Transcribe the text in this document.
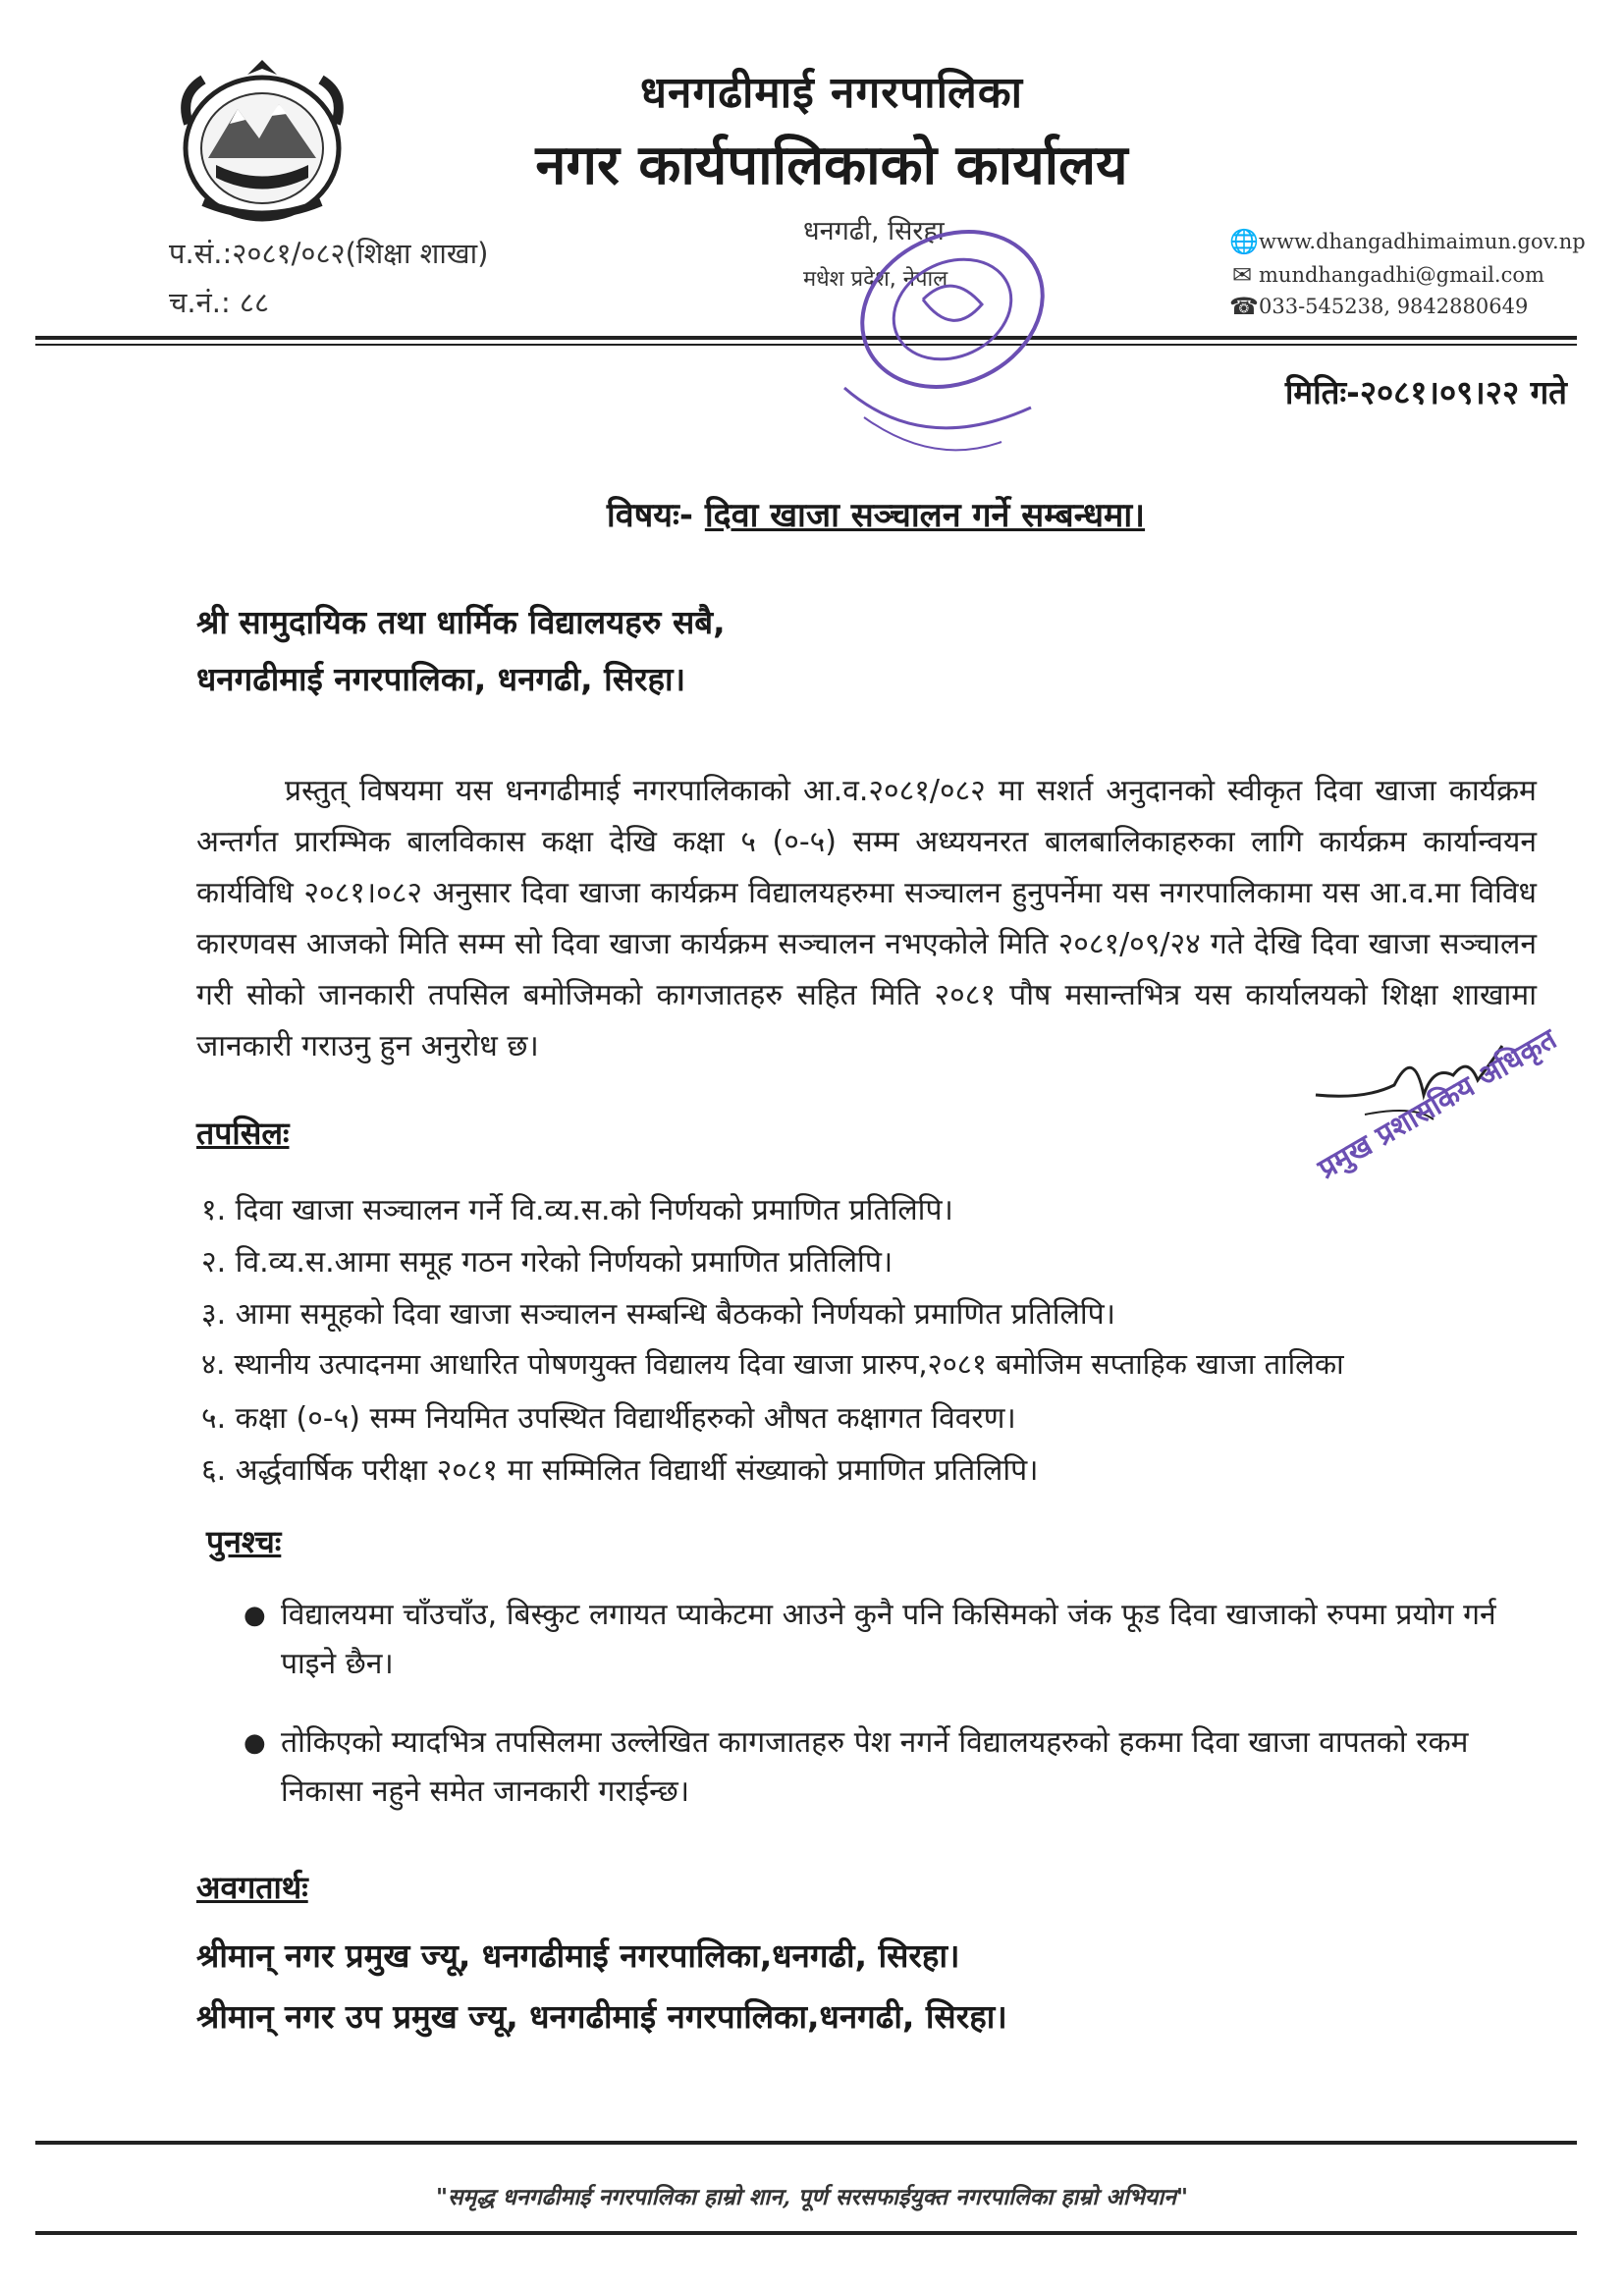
धनगढीमाई नगरपालिका
नगर कार्यपालिकाको कार्यालय
प.सं.:२०८१/०८२(शिक्षा शाखा)
च.नं.: ८८
धनगढी, सिरहा
मधेश प्रदेश, नेपाल
🌐 www.dhangadhimaimun.gov.np
✉ mundhangadhi@gmail.com
☎ 033-545238, 9842880649
मितिः-२०८१।०९।२२ गते
विषयः- दिवा खाजा सञ्चालन गर्ने सम्बन्धमा।
श्री सामुदायिक तथा धार्मिक विद्यालयहरु सबै,
धनगढीमाई नगरपालिका, धनगढी, सिरहा।

प्रस्तुत् विषयमा यस धनगढीमाई नगरपालिकाको आ.व.२०८१/०८२ मा सशर्त अनुदानको स्वीकृत दिवा खाजा कार्यक्रम अन्तर्गत प्रारम्भिक बालविकास कक्षा देखि कक्षा ५ (०-५) सम्म अध्ययनरत बालबालिकाहरुका लागि कार्यक्रम कार्यान्वयन कार्यविधि २०८१।०८२ अनुसार दिवा खाजा कार्यक्रम विद्यालयहरुमा सञ्चालन हुनुपर्नेमा यस नगरपालिकामा यस आ.व.मा विविध कारणवस आजको मिति सम्म सो दिवा खाजा कार्यक्रम सञ्चालन नभएकोले मिति २०८१/०९/२४ गते देखि दिवा खाजा सञ्चालन गरी सोको जानकारी तपसिल बमोजिमको कागजातहरु सहित मिति २०८१ पौष मसान्तभित्र यस कार्यालयको शिक्षा शाखामा जानकारी गराउनु हुन अनुरोध छ।	प्रमुख प्रशासकिय अधिकृत
तपसिलः
१. दिवा खाजा सञ्चालन गर्ने वि.व्य.स.को निर्णयको प्रमाणित प्रतिलिपि।
२. वि.व्य.स.आमा समूह गठन गरेको निर्णयको प्रमाणित प्रतिलिपि।
३. आमा समूहको दिवा खाजा सञ्चालन सम्बन्धि बैठकको निर्णयको प्रमाणित प्रतिलिपि।
४. स्थानीय उत्पादनमा आधारित पोषणयुक्त विद्यालय दिवा खाजा प्रारुप,२०८१ बमोजिम सप्ताहिक खाजा तालिका
५. कक्षा (०-५) सम्म नियमित उपस्थित विद्यार्थीहरुको औषत कक्षागत विवरण।
६. अर्द्धवार्षिक परीक्षा २०८१ मा सम्मिलित विद्यार्थी संख्याको प्रमाणित प्रतिलिपि।
पुनश्चः
● विद्यालयमा चाँउचाँउ, बिस्कुट लगायत प्याकेटमा आउने कुनै पनि किसिमको जंक फूड दिवा खाजाको रुपमा प्रयोग गर्न पाइने छैन।
● तोकिएको म्यादभित्र तपसिलमा उल्लेखित कागजातहरु पेश नगर्ने विद्यालयहरुको हकमा दिवा खाजा वापतको रकम निकासा नहुने समेत जानकारी गराईन्छ।
अवगतार्थः
श्रीमान् नगर प्रमुख ज्यू, धनगढीमाई नगरपालिका,धनगढी, सिरहा।
श्रीमान् नगर उप प्रमुख ज्यू, धनगढीमाई नगरपालिका,धनगढी, सिरहा।
"समृद्ध धनगढीमाई नगरपालिका हाम्रो शान, पूर्ण सरसफाईयुक्त नगरपालिका हाम्रो अभियान"
